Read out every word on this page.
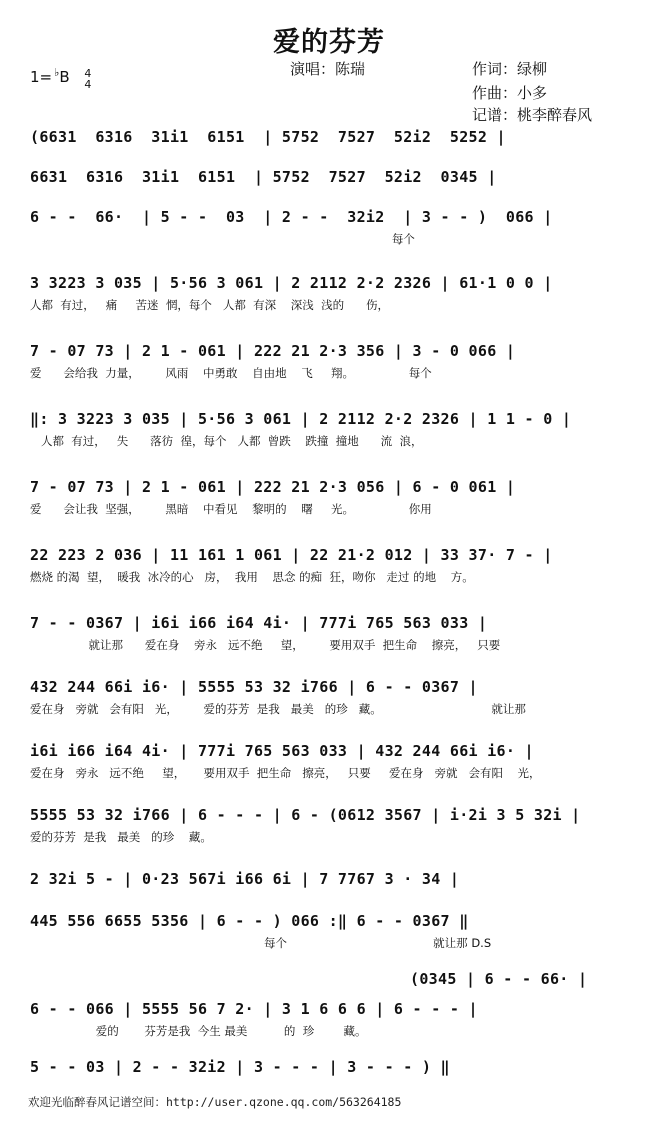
爱的芬芳
1= ♭B 4
4
演唱：陈瑞	作词：绿柳
作曲：小多
记谱：桃李醉春风
(6631  6316  31i1  6151  | 5752  7527  52i2  5252 |
6631  6316  31i1  6151  | 5752  7527  52i2  0345 |
6 - -  66·  | 5 - -  03  | 2 - -  32i2  | 3 - - )  066 |
每个
3 3223 3 035 | 5·56 3 061 | 2 2112 2·2 2326 | 61·1 0 0 |
人都  有过，   痛     苦迷  惘，每个   人都  有深    深浅  浅的      伤，
7 - 07 73 | 2 1 - 061 | 222 21 2·3 356 | 3 - 0 066 |
爱      会给我  力量，       风雨    中勇敢    自由地    飞     翔。               每个
‖: 3 3223 3 035 | 5·56 3 061 | 2 2112 2·2 2326 | 1 1 - 0 |
人都  有过，   失      落彷  徨，每个   人都  曾跌    跌撞  撞地      流  浪，
7 - 07 73 | 2 1 - 061 | 222 21 2·3 056 | 6 - 0 061 |
爱      会让我  坚强，       黑暗    中看见    黎明的    曙     光。               你用
22 223 2 036 | 11 161 1 061 | 22 21·2 012 | 33 37· 7 - |
燃烧 的渴  望，  暖我  冰冷的心   房，  我用    思念 的痴  狂，吻你   走过 的地    方。
7 - - 0367 | i6i i66 i64 4i· | 777i 765 563 033 |
就让那      爱在身    旁永   远不绝     望，       要用双手  把生命    擦亮，   只要
432 244 66i i6· | 5555 53 32 i766 | 6 - - 0367 |
爱在身   旁就   会有阳   光，       爱的芬芳  是我   最美   的珍   藏。                              就让那
i6i i66 i64 4i· | 777i 765 563 033 | 432 244 66i i6· |
爱在身   旁永   远不绝     望，     要用双手  把生命   擦亮，   只要     爱在身   旁就   会有阳    光，
5555 53 32 i766 | 6 - - - | 6 - (0612 3567 | i·2i 3 5 32i |
爱的芬芳  是我   最美   的珍    藏。
2 32i 5 - | 0·23 567i i66 6i | 7 7767 3 · 34 |
445 556 6655 5356 | 6 - - ) 066 :‖ 6 - - 0367 ‖
每个                                        就让那 D.S
6 - - 066 | 5555 56 7 2· | 3 1 6 6 6 | 6 - - - |
爱的       芬芳是我  今生 最美          的  珍        藏。
5 - - 03 | 2 - - 32i2 | 3 - - - | 3 - - - ) ‖
(0345 | 6 - - 66· |
欢迎光临醉春风记谱空间：http://user.qzone.qq.com/563264185
